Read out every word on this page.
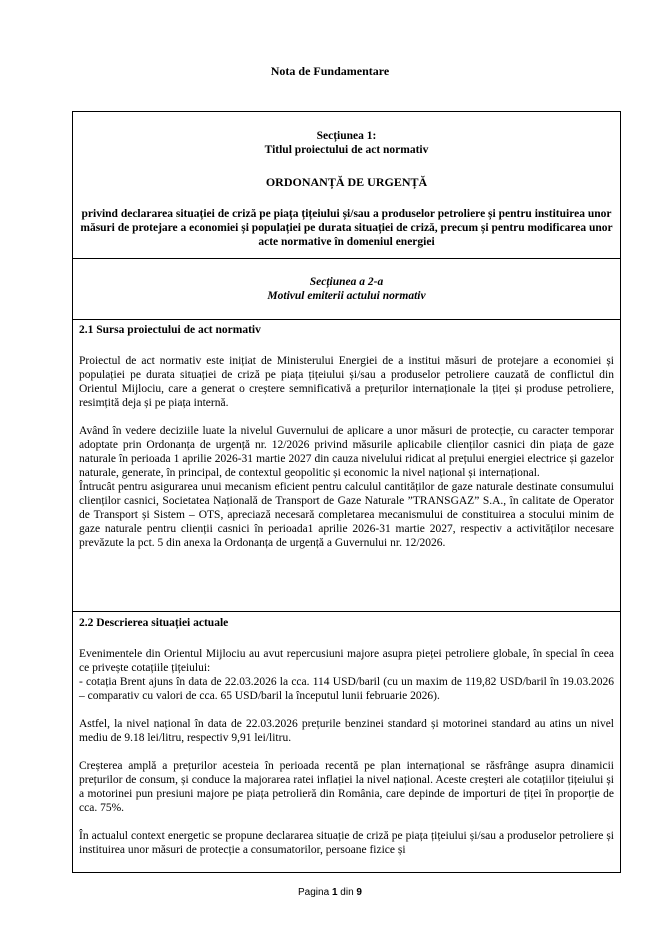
Nota de Fundamentare

Secțiunea 1:

Titlul proiectului de act normativ

ORDONANȚĂ DE URGENȚĂ

privind declararea situației de criză pe piața țițeiului și/sau a produselor petroliere și pentru instituirea unor măsuri de protejare a economiei și populației pe durata situației de criză, precum și pentru modificarea unor acte normative în domeniul energiei

Secțiunea a 2-a

Motivul emiterii actului normativ

2.1 Sursa proiectului de act normativ

Proiectul de act normativ este inițiat de Ministerului Energiei de a institui măsuri de protejare a economiei și populației pe durata situației de criză pe piața țițeiului și/sau a produselor petroliere cauzată de conflictul din Orientul Mijlociu, care a generat o creștere semnificativă a prețurilor internaționale la țiței și produse petroliere, resimțită deja și pe piața internă.

Având în vedere deciziile luate la nivelul Guvernului de aplicare a unor măsuri de protecție, cu caracter temporar adoptate prin Ordonanța de urgență nr. 12/2026 privind măsurile aplicabile clienților casnici din piața de gaze naturale în perioada 1 aprilie 2026-31 martie 2027 din cauza nivelului ridicat al prețului energiei electrice și gazelor naturale, generate, în principal, de contextul geopolitic și economic la nivel național și internațional.

Întrucât pentru asigurarea unui mecanism eficient pentru calculul cantităților de gaze naturale destinate consumului clienților casnici, Societatea Națională de Transport de Gaze Naturale ”TRANSGAZ” S.A., în calitate de Operator de Transport și Sistem – OTS, apreciază necesară completarea mecanismului de constituirea a stocului minim de gaze naturale pentru clienții casnici în perioada1 aprilie 2026-31 martie 2027, respectiv a activităților necesare prevăzute la pct. 5 din anexa la Ordonanța de urgență a Guvernului nr. 12/2026.

2.2 Descrierea situației actuale

Evenimentele din Orientul Mijlociu au avut repercusiuni majore asupra pieței petroliere globale, în special în ceea ce privește cotațiile țițeiului:

- cotația Brent ajuns în data de 22.03.2026 la cca. 114 USD/baril (cu un maxim de 119,82 USD/baril în 19.03.2026 – comparativ cu valori de cca. 65 USD/baril la începutul lunii februarie 2026).

Astfel, la nivel național în data de 22.03.2026 prețurile benzinei standard și motorinei standard au atins un nivel mediu de 9.18 lei/litru, respectiv 9,91 lei/litru.

Creșterea amplă a prețurilor acesteia în perioada recentă pe plan internațional se răsfrânge asupra dinamicii prețurilor de consum, și conduce la majorarea ratei inflației la nivel național. Aceste creșteri ale cotațiilor țițeiului și a motorinei pun presiuni majore pe piața petrolieră din România, care depinde de importuri de țiței în proporție de cca. 75%.

În actualul context energetic se propune declararea situație de criză pe piața țițeiului și/sau a produselor petroliere și instituirea unor măsuri de protecție a consumatorilor, persoane fizice și

Pagina 1 din 9
